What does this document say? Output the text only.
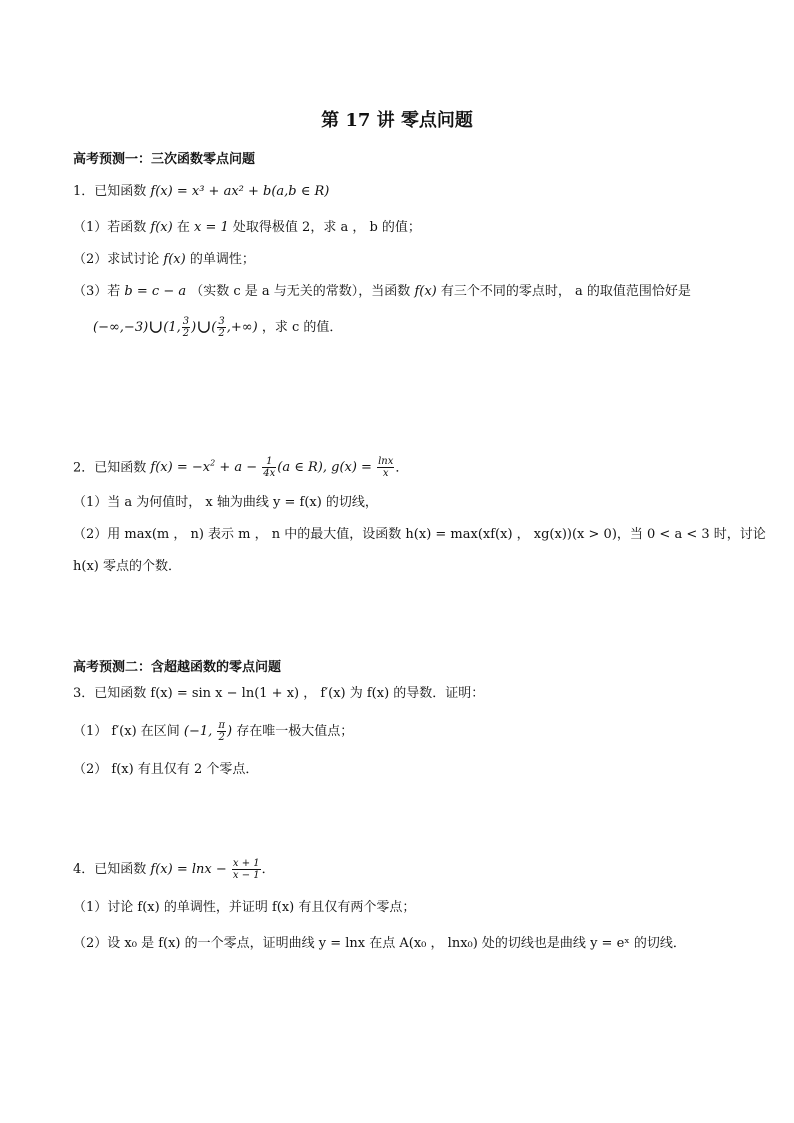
第 17 讲 零点问题
高考预测一：三次函数零点问题
1．已知函数 f(x) = x³ + ax² + b(a,b ∈ R)
（1）若函数 f(x) 在 x = 1 处取得极值 2，求 a ， b 的值；
（2）求试讨论 f(x) 的单调性；
（3）若 b = c − a （实数 c 是 a 与无关的常数），当函数 f(x) 有三个不同的零点时， a 的取值范围恰好是
(−∞,−3)∪(1, $\frac{3}{2}$ )∪( $\frac{3}{2}$ ,+∞) ，求 c 的值．
2．已知函数 $f(x) = -x^2 + a - \frac{1}{4x} (a$ ∈ R), $g(x) = \frac{\ln x}{x}$ ．
（1）当 a 为何值时， x 轴为曲线 y = f(x) 的切线，
（2）用 max(m ， n) 表示 m ， n 中的最大值，设函数 h(x) = max(xf(x) ， xg(x))(x > 0)，当 0 < a < 3 时，讨论
h(x) 零点的个数．
高考预测二：含超越函数的零点问题
3．已知函数 f(x) = sin x − ln(1 + x) ， f′(x) 为 f(x) 的导数．证明：
（1） f′(x) 在区间 (−1, $\frac{\pi}{2}$ ) 存在唯一极大值点；
（2） f(x) 有且仅有 2 个零点．
4．已知函数 $f(x) = \ln x - \frac{x + 1}{x - 1}$ ．
（1）讨论 f(x) 的单调性，并证明 f(x) 有且仅有两个零点；
（2）设 x₀ 是 f(x) 的一个零点，证明曲线 y = lnx 在点 A(x₀ ， lnx₀) 处的切线也是曲线 y = eˣ 的切线．
